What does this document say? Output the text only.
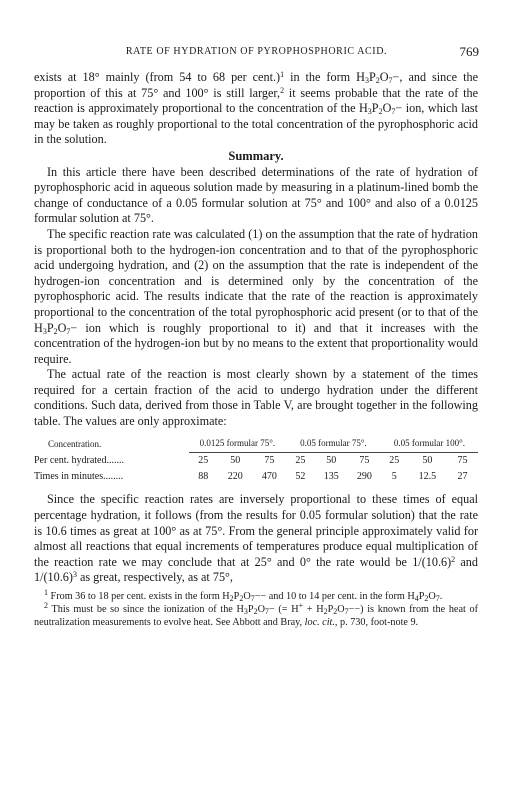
RATE OF HYDRATION OF PYROPHOSPHORIC ACID.	769

exists at 18° mainly (from 54 to 68 per cent.)$^1$ in the form $H_3P_2O_7-$, and since the proportion of this at 75° and 100° is still larger,$^2$ it seems probable that the rate of the reaction is approximately proportional to the concentration of the $H_3P_2O_7-$ ion, which last may be taken as roughly proportional to the total concentration of the pyrophosphoric acid in the solution.

Summary.

In this article there have been described determinations of the rate of hydration of pyrophosphoric acid in aqueous solution made by measuring in a platinum-lined bomb the change of conductance of a 0.05 formular solution at 75° and 100° and also of a 0.0125 formular solution at 75°.

The specific reaction rate was calculated (1) on the assumption that the rate of hydration is proportional both to the hydrogen-ion concentration and to that of the pyrophosphoric acid undergoing hydration, and (2) on the assumption that the rate is independent of the hydrogen-ion concentration and is determined only by the concentration of the pyrophosphoric acid. The results indicate that the rate of the reaction is approximately proportional to the concentration of the total pyrophosphoric acid present (or to that of the $H_3P_2O_7-$ ion which is roughly proportional to it) and that it increases with the concentration of the hydrogen-ion but by no means to the extent that proportionality would require.

The actual rate of the reaction is most clearly shown by a statement of the times required for a certain fraction of the acid to undergo hydration under the different conditions. Such data, derived from those in Table V, are brought together in the following table. The values are only approximate:

Concentration.	0.0125 formular 75°.			0.05 formular 75°.			0.05 formular 100°.		
Per cent. hydrated.......	25	50	75	25	50	75	25	50	75
Times in minutes........	88	220	470	52	135	290	5	12.5	27

Since the specific reaction rates are inversely proportional to these times of equal percentage hydration, it follows (from the results for 0.05 formular solution) that the rate is 10.6 times as great at 100° as at 75°. From the general principle approximately valid for almost all reactions that equal increments of temperatures produce equal multiplication of the reaction rate we may conclude that at 25° and 0° the rate would be $1/(10.6)^2$ and $1/(10.6)^3$ as great, respectively, as at 75°,

$^1$ From 36 to 18 per cent. exists in the form $H_2P_2O_7--$ and 10 to 14 per cent. in the form $H_4P_2O_7$.

$^2$ This must be so since the ionization of the $H_3P_2O_7-$ (= $H^+ + H_2P_2O_7--$) is known from the heat of neutralization measurements to evolve heat. See Abbott and Bray, loc. cit., p. 730, foot-note 9.
